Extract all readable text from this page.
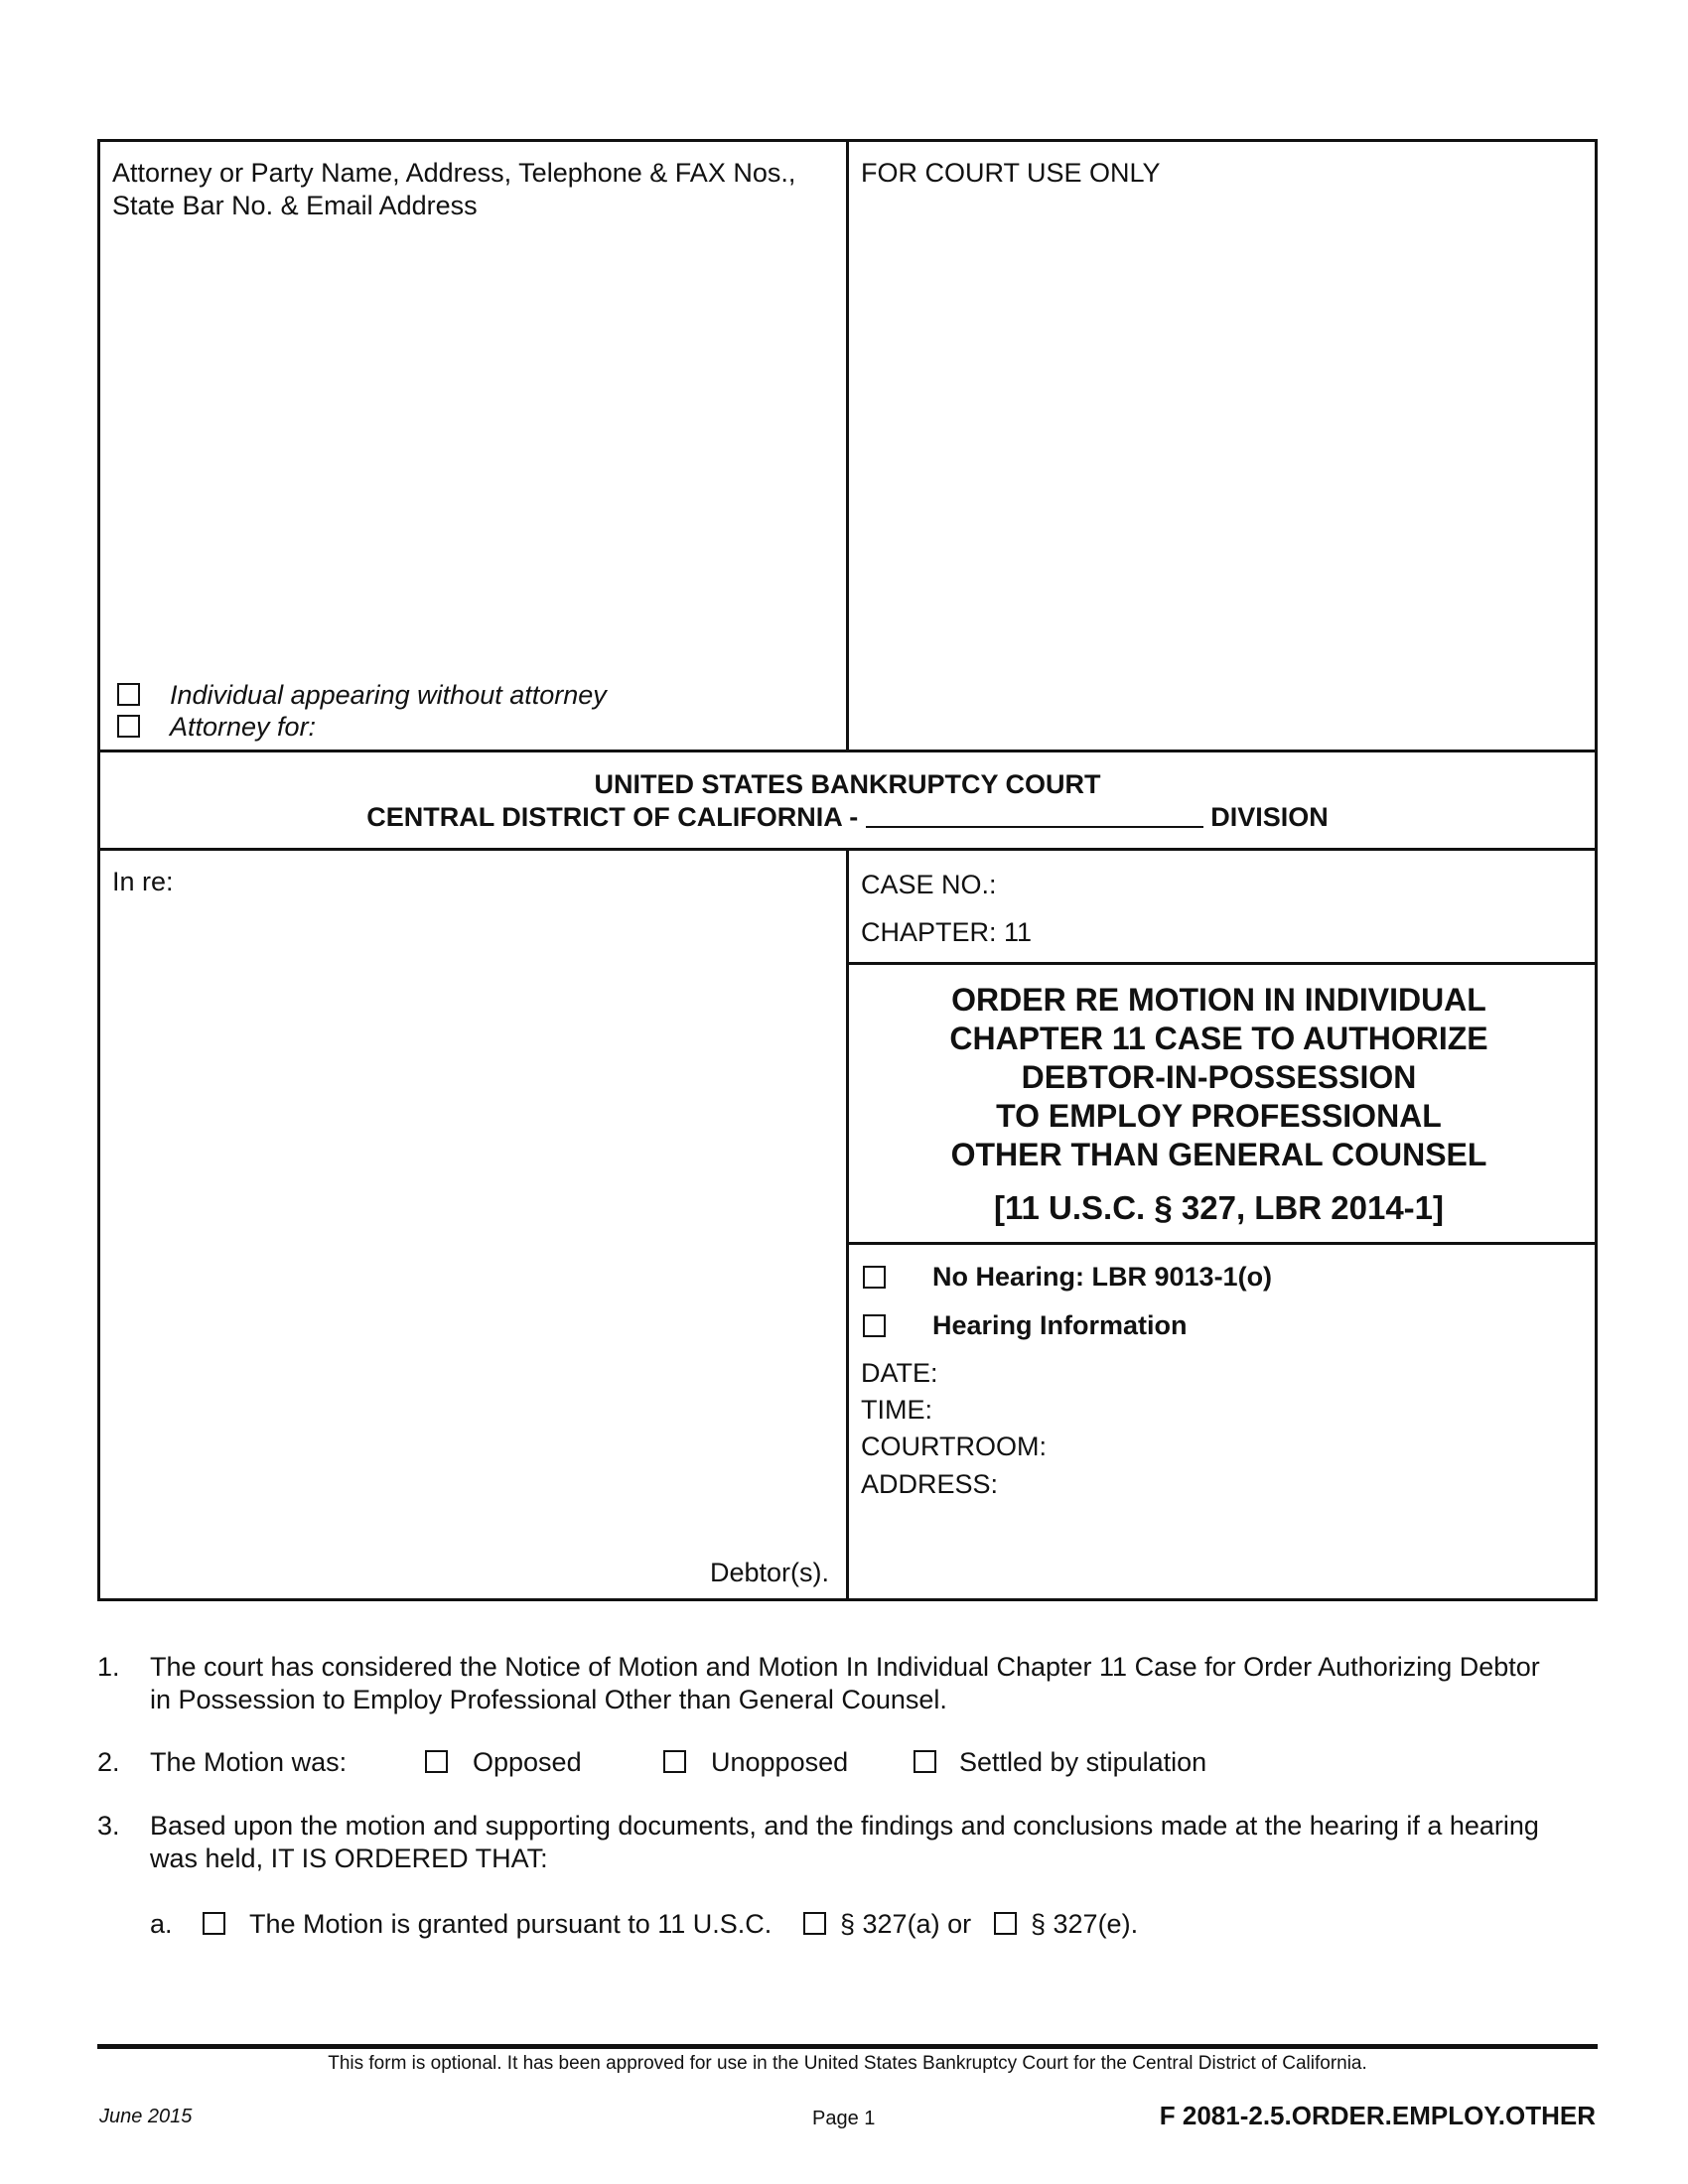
Attorney or Party Name, Address, Telephone & FAX Nos.,
State Bar No. & Email Address
Individual appearing without attorney
Attorney for:
FOR COURT USE ONLY
UNITED STATES BANKRUPTCY COURT
CENTRAL DISTRICT OF CALIFORNIA -	DIVISION
In re:
Debtor(s).
CASE NO.:
CHAPTER: 11
ORDER RE MOTION IN INDIVIDUAL
CHAPTER 11 CASE TO AUTHORIZE
DEBTOR-IN-POSSESSION
TO EMPLOY PROFESSIONAL
OTHER THAN GENERAL COUNSEL
[11 U.S.C. § 327, LBR 2014-1]
No Hearing: LBR 9013-1(o)
Hearing Information
DATE:
TIME:
COURTROOM:
ADDRESS:
1. The court has considered the Notice of Motion and Motion In Individual Chapter 11 Case for Order Authorizing Debtor
in Possession to Employ Professional Other than General Counsel.
2. The Motion was:	Opposed	Unopposed	Settled by stipulation
3. Based upon the motion and supporting documents, and the findings and conclusions made at the hearing if a hearing
was held, IT IS ORDERED THAT:
a.	The Motion is granted pursuant to 11 U.S.C.	§ 327(a) or § 327(e).
This form is optional. It has been approved for use in the United States Bankruptcy Court for the Central District of California.
June 2015	Page 1	F 2081-2.5.ORDER.EMPLOY.OTHER
